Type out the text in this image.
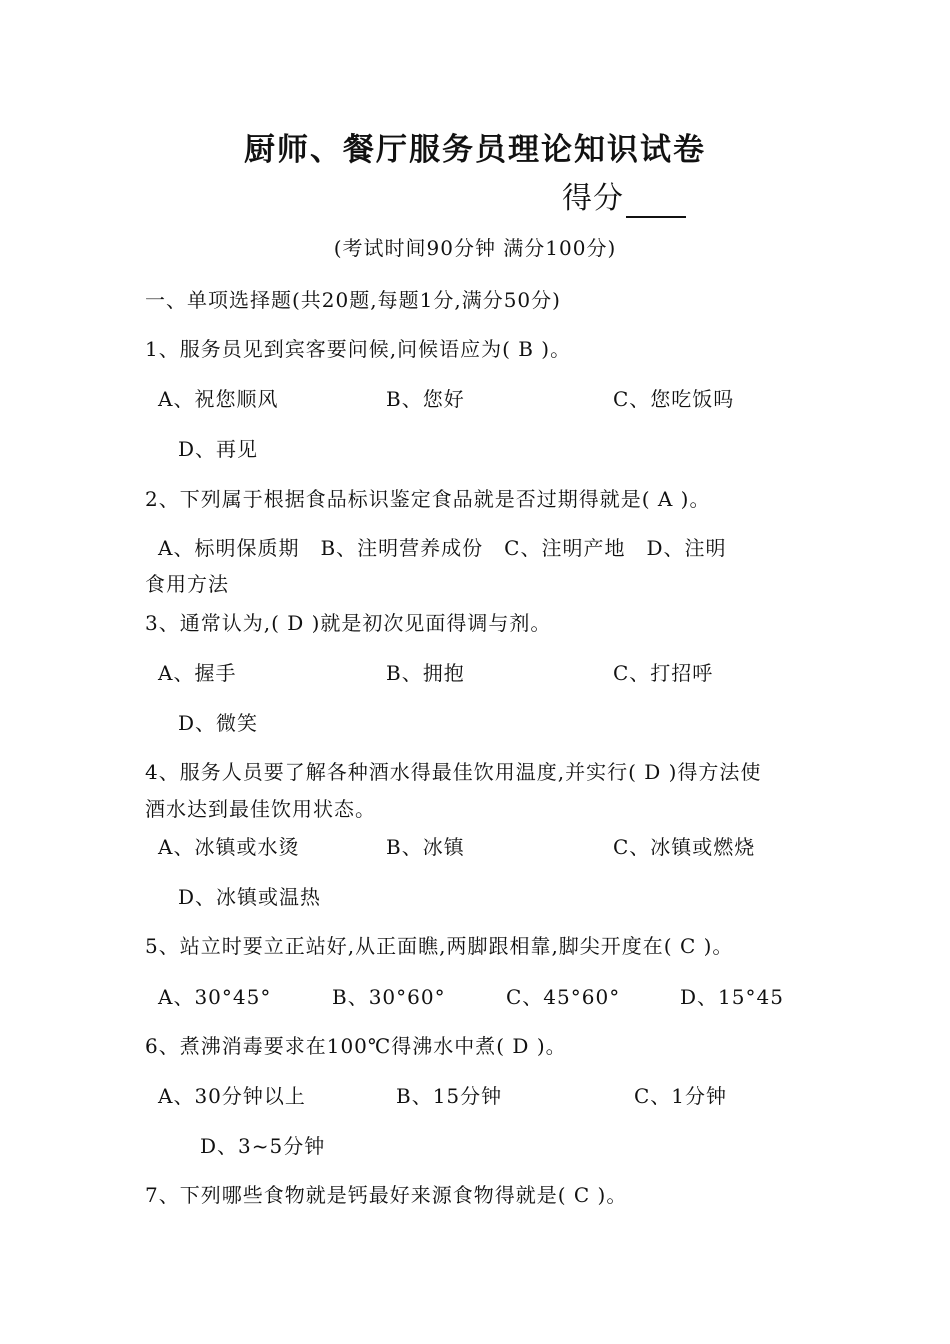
厨师、餐厅服务员理论知识试卷
得分
(考试时间90分钟 满分100分)
一、单项选择题(共20题,每题1分,满分50分)
1、服务员见到宾客要问候,问候语应为( B )。
A、祝您顺风	B、您好	C、您吃饭吗
D、再见
2、下列属于根据食品标识鉴定食品就是否过期得就是( A )。
A、标明保质期　B、注明营养成份　C、注明产地　D、注明
食用方法
3、通常认为,( D )就是初次见面得调与剂。
A、握手	B、拥抱	C、打招呼
D、微笑
4、服务人员要了解各种酒水得最佳饮用温度,并实行( D )得方法使
酒水达到最佳饮用状态。
A、冰镇或水烫	B、冰镇	C、冰镇或燃烧
D、冰镇或温热
5、站立时要立正站好,从正面瞧,两脚跟相靠,脚尖开度在( C )。
A、30°45°	B、30°60°	C、45°60°	D、15°45
6、煮沸消毒要求在100℃得沸水中煮( D )。
A、30分钟以上	B、15分钟	C、1分钟
D、3~5分钟
7、下列哪些食物就是钙最好来源食物得就是( C )。
